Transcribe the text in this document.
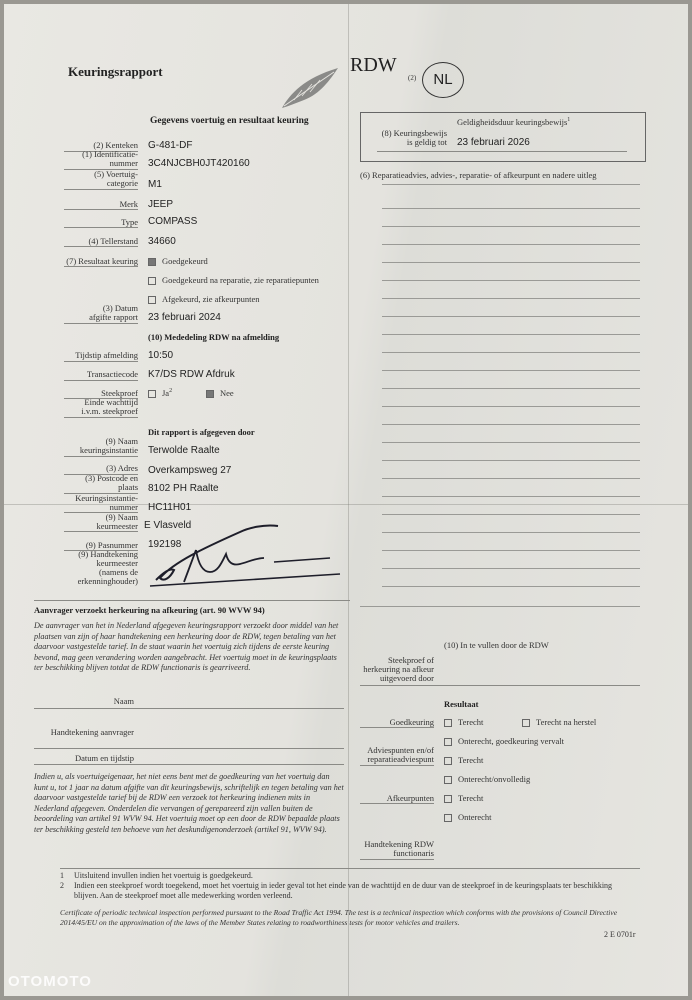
Keuringsrapport	RDW
(2)	NL
Geldigheidsduur keuringsbewijs$^1$
(8) Keuringsbewijs is geldig tot 23 februari 2026
(6) Reparatieadvies, advies-, reparatie- of afkeurpunt en nadere uitleg
Gegevens voertuig en resultaat keuring
(2) Kenteken G-481-DF
(1) Identificatie-nummer 3C4NJCBH0JT420160
(5) Voertuig-categorie M1
Merk JEEP
Type COMPASS
(4) Tellerstand 34660
(7) Resultaat keuring	Goedgekeurd
Goedgekeurd na reparatie, zie reparatiepunten
Afgekeurd, zie afkeurpunten
(3) Datum afgifte rapport 23 februari 2024
(10) Mededeling RDW na afmelding
Tijdstip afmelding 10:50
Transactiecode K7/DS RDW Afdruk
Steekproef	Ja$^2$	Nee
Einde wachttijd i.v.m. steekproef
Dit rapport is afgegeven door
(9) Naam keuringsinstantie Terwolde Raalte
(3) Adres Overkampsweg 27
(3) Postcode en plaats 8102 PH Raalte
Keuringsinstantie-nummer HC11H01
(9) Naam keurmeester E Vlasveld
(9) Pasnummer 192198
(9) Handtekening keurmeester (namens de erkenninghouder)
Aanvrager verzoekt herkeuring na afkeuring (art. 90 WVW 94)
De aanvrager van het in Nederland afgegeven keuringsrapport verzoekt door middel van het plaatsen van zijn of haar handtekening een herkeuring door de RDW, tegen betaling van het daarvoor vastgestelde tarief. In de staat waarin het voertuig zich tijdens de eerste keuring bevond, mag geen verandering worden aangebracht. Het voertuig moet in de keuringsplaats ter beschikking blijven totdat de RDW functionaris is gearriveerd.
Naam
Handtekening aanvrager
Datum en tijdstip
Indien u, als voertuigeigenaar, het niet eens bent met de goedkeuring van het voertuig dan kunt u, tot 1 jaar na datum afgifte van dit keuringsbewijs, schriftelijk en tegen betaling van het daarvoor vastgestelde tarief bij de RDW een verzoek tot herkeuring indienen mits in Nederland afgegeven. Onderdelen die vervangen of gerepareerd zijn vallen buiten de beoordeling van artikel 91 WVW 94. Het voertuig moet op een door de RDW bepaalde plaats ter beschikking gesteld ten behoeve van het deskundigenonderzoek (artikel 91, WVW 94).
(10) In te vullen door de RDW
Steekproef of herkeuring na afkeur uitgevoerd door
Resultaat
Goedkeuring	Terecht	Terecht na herstel
Onterecht, goedkeuring vervalt
Adviespunten en/of reparatieadviespunt	Terecht
Onterecht/onvolledig
Afkeurpunten	Terecht
Onterecht
Handtekening RDW functionaris
1 Uitsluitend invullen indien het voertuig is goedgekeurd.
2 Indien een steekproef wordt toegekend, moet het voertuig in ieder geval tot het einde van de wachttijd en de duur van de steekproef in de keuringsplaats ter beschikking blijven. Aan de steekproef moet alle medewerking worden verleend.
Certificate of periodic technical inspection performed pursuant to the Road Traffic Act 1994. The test is a technical inspection which conforms with the provisions of Council Directive 2014/45/EU on the approximation of the laws of the Member States relating to roadworthiness tests for motor vehicles and trailers.
2 E 0701r
OTOMOTO
